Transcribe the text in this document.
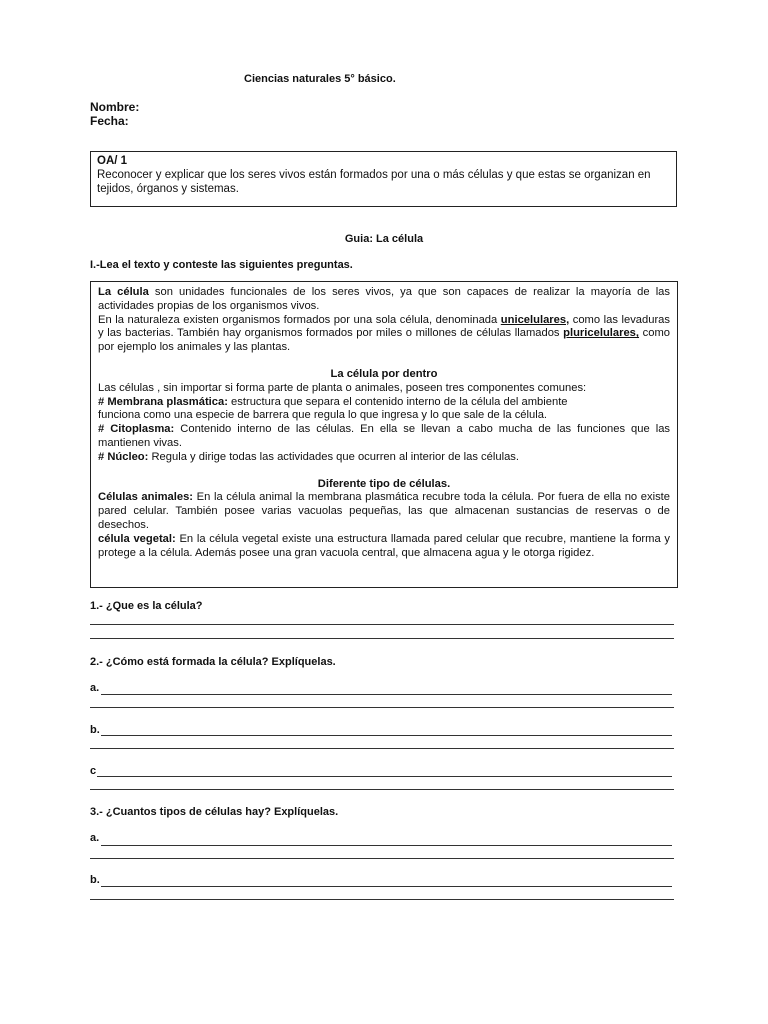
Ciencias naturales 5° básico.
Nombre:
Fecha:
OA/ 1
Reconocer y explicar que los seres vivos están formados por una o más células y que estas se organizan en tejidos, órganos y sistemas.
Guia: La célula
I.-Lea el texto y conteste las siguientes preguntas.

La célula son unidades funcionales de los seres vivos, ya que son capaces de realizar la mayoría de las actividades propias de los organismos vivos.

En la naturaleza existen organismos formados por una sola célula, denominada unicelulares, como las levaduras y las bacterias. También hay organismos formados por miles o millones de células llamados pluricelulares, como por ejemplo los animales y las plantas.

La célula por dentro

Las células , sin importar si forma parte de planta o animales, poseen tres componentes comunes:

# Membrana plasmática: estructura que separa el contenido interno de la célula del ambiente
funciona como una especie de barrera que regula lo que ingresa y lo que sale de la célula.

# Citoplasma: Contenido interno de las células. En ella se llevan a cabo mucha de las funciones que las mantienen vivas.

# Núcleo: Regula y dirige todas las actividades que ocurren al interior de las células.

Diferente tipo de células.

Células animales: En la célula animal la membrana plasmática recubre toda la célula. Por fuera de ella no existe pared celular. También posee varias vacuolas pequeñas, las que almacenan sustancias de reservas o de desechos.

célula vegetal: En la célula vegetal existe una estructura llamada pared celular que recubre, mantiene la forma y protege a la célula. Además posee una gran vacuola central, que almacena agua y le otorga rigidez.

1.- ¿Que es la célula?
2.- ¿Cómo está formada la célula? Explíquelas.
a.
b.
c
3.- ¿Cuantos tipos de células hay? Explíquelas.
a.
b.
